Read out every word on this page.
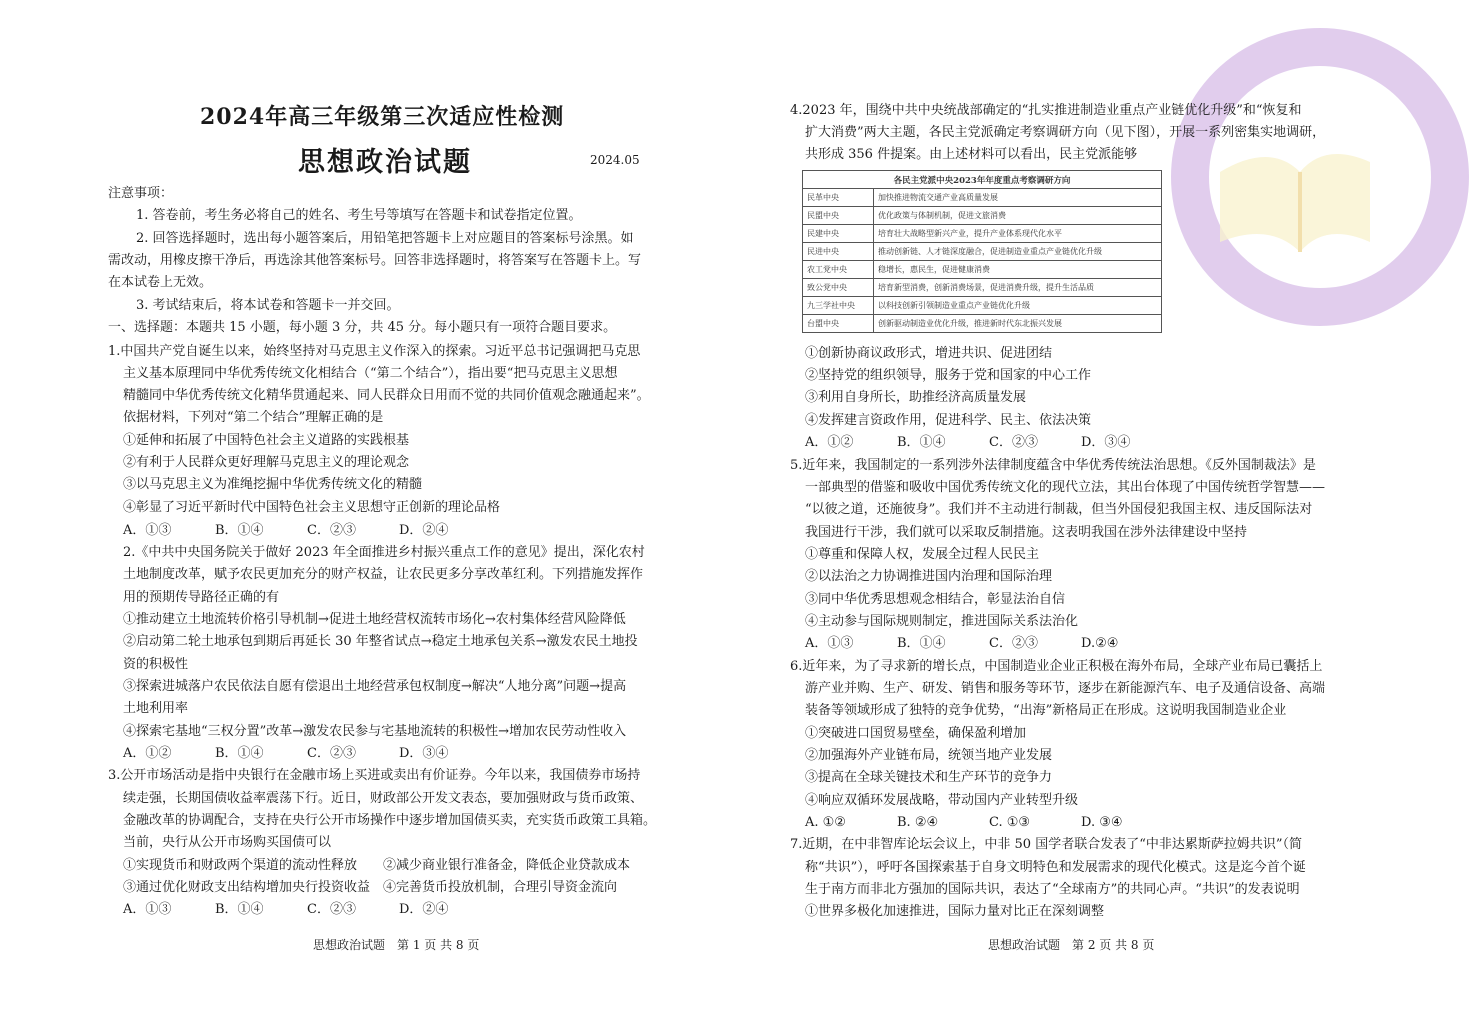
2024年高三年级第三次适应性检测
思想政治试题	2024.05
注意事项：
1. 答卷前，考生务必将自己的姓名、考生号等填写在答题卡和试卷指定位置。
2. 回答选择题时，选出每小题答案后，用铅笔把答题卡上对应题目的答案标号涂黑。如
需改动，用橡皮擦干净后，再选涂其他答案标号。回答非选择题时，将答案写在答题卡上。写
在本试卷上无效。
3. 考试结束后，将本试卷和答题卡一并交回。
一、选择题：本题共 15 小题，每小题 3 分，共 45 分。每小题只有一项符合题目要求。
1.中国共产党自诞生以来，始终坚持对马克思主义作深入的探索。习近平总书记强调把马克思
主义基本原理同中华优秀传统文化相结合（“第二个结合”），指出要“把马克思主义思想
精髓同中华优秀传统文化精华贯通起来、同人民群众日用而不觉的共同价值观念融通起来”。
依据材料，下列对“第二个结合”理解正确的是
①延伸和拓展了中国特色社会主义道路的实践根基
②有利于人民群众更好理解马克思主义的理论观念
③以马克思主义为准绳挖掘中华优秀传统文化的精髓
④彰显了习近平新时代中国特色社会主义思想守正创新的理论品格
A．①③	B．①④	C．②③	D．②④
2.《中共中央国务院关于做好 2023 年全面推进乡村振兴重点工作的意见》提出，深化农村
土地制度改革，赋予农民更加充分的财产权益，让农民更多分享改革红利。下列措施发挥作
用的预期传导路径正确的有
①推动建立土地流转价格引导机制→促进土地经营权流转市场化→农村集体经营风险降低
②启动第二轮土地承包到期后再延长 30 年整省试点→稳定土地承包关系→激发农民土地投
资的积极性
③探索进城落户农民依法自愿有偿退出土地经营承包权制度→解决“人地分离”问题→提高
土地利用率
④探索宅基地“三权分置”改革→激发农民参与宅基地流转的积极性→增加农民劳动性收入
A．①②	B．①④	C．②③	D．③④
3.公开市场活动是指中央银行在金融市场上买进或卖出有价证券。今年以来，我国债券市场持
续走强，长期国债收益率震荡下行。近日，财政部公开发文表态，要加强财政与货币政策、
金融改革的协调配合，支持在央行公开市场操作中逐步增加国债买卖，充实货币政策工具箱。
当前，央行从公开市场购买国债可以
①实现货币和财政两个渠道的流动性释放　　②减少商业银行准备金，降低企业贷款成本
③通过优化财政支出结构增加央行投资收益　④完善货币投放机制，合理引导资金流向
A．①③	B．①④	C．②③	D．②④
思想政治试题　第 1 页 共 8 页
4.2023 年，围绕中共中央统战部确定的“扎实推进制造业重点产业链优化升级”和“恢复和
扩大消费”两大主题，各民主党派确定考察调研方向（见下图），开展一系列密集实地调研，
共形成 356 件提案。由上述材料可以看出，民主党派能够
各民主党派中央2023年年度重点考察调研方向	
民革中央	加快推进物流交通产业高质量发展
民盟中央	优化政策与体制机制，促进文旅消费
民建中央	培育壮大战略型新兴产业，提升产业体系现代化水平
民进中央	推动创新链、人才链深度融合，促进制造业重点产业链优化升级
农工党中央	稳增长，惠民生，促进健康消费
致公党中央	培育新型消费，创新消费场景，促进消费升级，提升生活品质
九三学社中央	以科技创新引领制造业重点产业链优化升级
台盟中央	创新驱动制造业优化升级，推进新时代东北振兴发展
①创新协商议政形式，增进共识、促进团结
②坚持党的组织领导，服务于党和国家的中心工作
③利用自身所长，助推经济高质量发展
④发挥建言资政作用，促进科学、民主、依法决策
A．①②	B．①④	C．②③	D．③④
5.近年来，我国制定的一系列涉外法律制度蕴含中华优秀传统法治思想。《反外国制裁法》是
一部典型的借鉴和吸收中国优秀传统文化的现代立法，其出台体现了中国传统哲学智慧——
“以彼之道，还施彼身”。我们并不主动进行制裁，但当外国侵犯我国主权、违反国际法对
我国进行干涉，我们就可以采取反制措施。这表明我国在涉外法律建设中坚持
①尊重和保障人权，发展全过程人民民主
②以法治之力协调推进国内治理和国际治理
③同中华优秀思想观念相结合，彰显法治自信
④主动参与国际规则制定，推进国际关系法治化
A．①③	B．①④	C．②③	D.②④
6.近年来，为了寻求新的增长点，中国制造业企业正积极在海外布局，全球产业布局已囊括上
游产业并购、生产、研发、销售和服务等环节，逐步在新能源汽车、电子及通信设备、高端
装备等领域形成了独特的竞争优势，“出海”新格局正在形成。这说明我国制造业企业
①突破进口国贸易壁垒，确保盈利增加
②加强海外产业链布局，统领当地产业发展
③提高在全球关键技术和生产环节的竞争力
④响应双循环发展战略，带动国内产业转型升级
A. ①②	B. ②④	C. ①③	D. ③④
7.近期，在中非智库论坛会议上，中非 50 国学者联合发表了“中非达累斯萨拉姆共识”（简
称“共识”），呼吁各国探索基于自身文明特色和发展需求的现代化模式。这是迄今首个诞
生于南方而非北方强加的国际共识，表达了“全球南方”的共同心声。“共识”的发表说明
①世界多极化加速推进，国际力量对比正在深刻调整
思想政治试题　第 2 页 共 8 页
